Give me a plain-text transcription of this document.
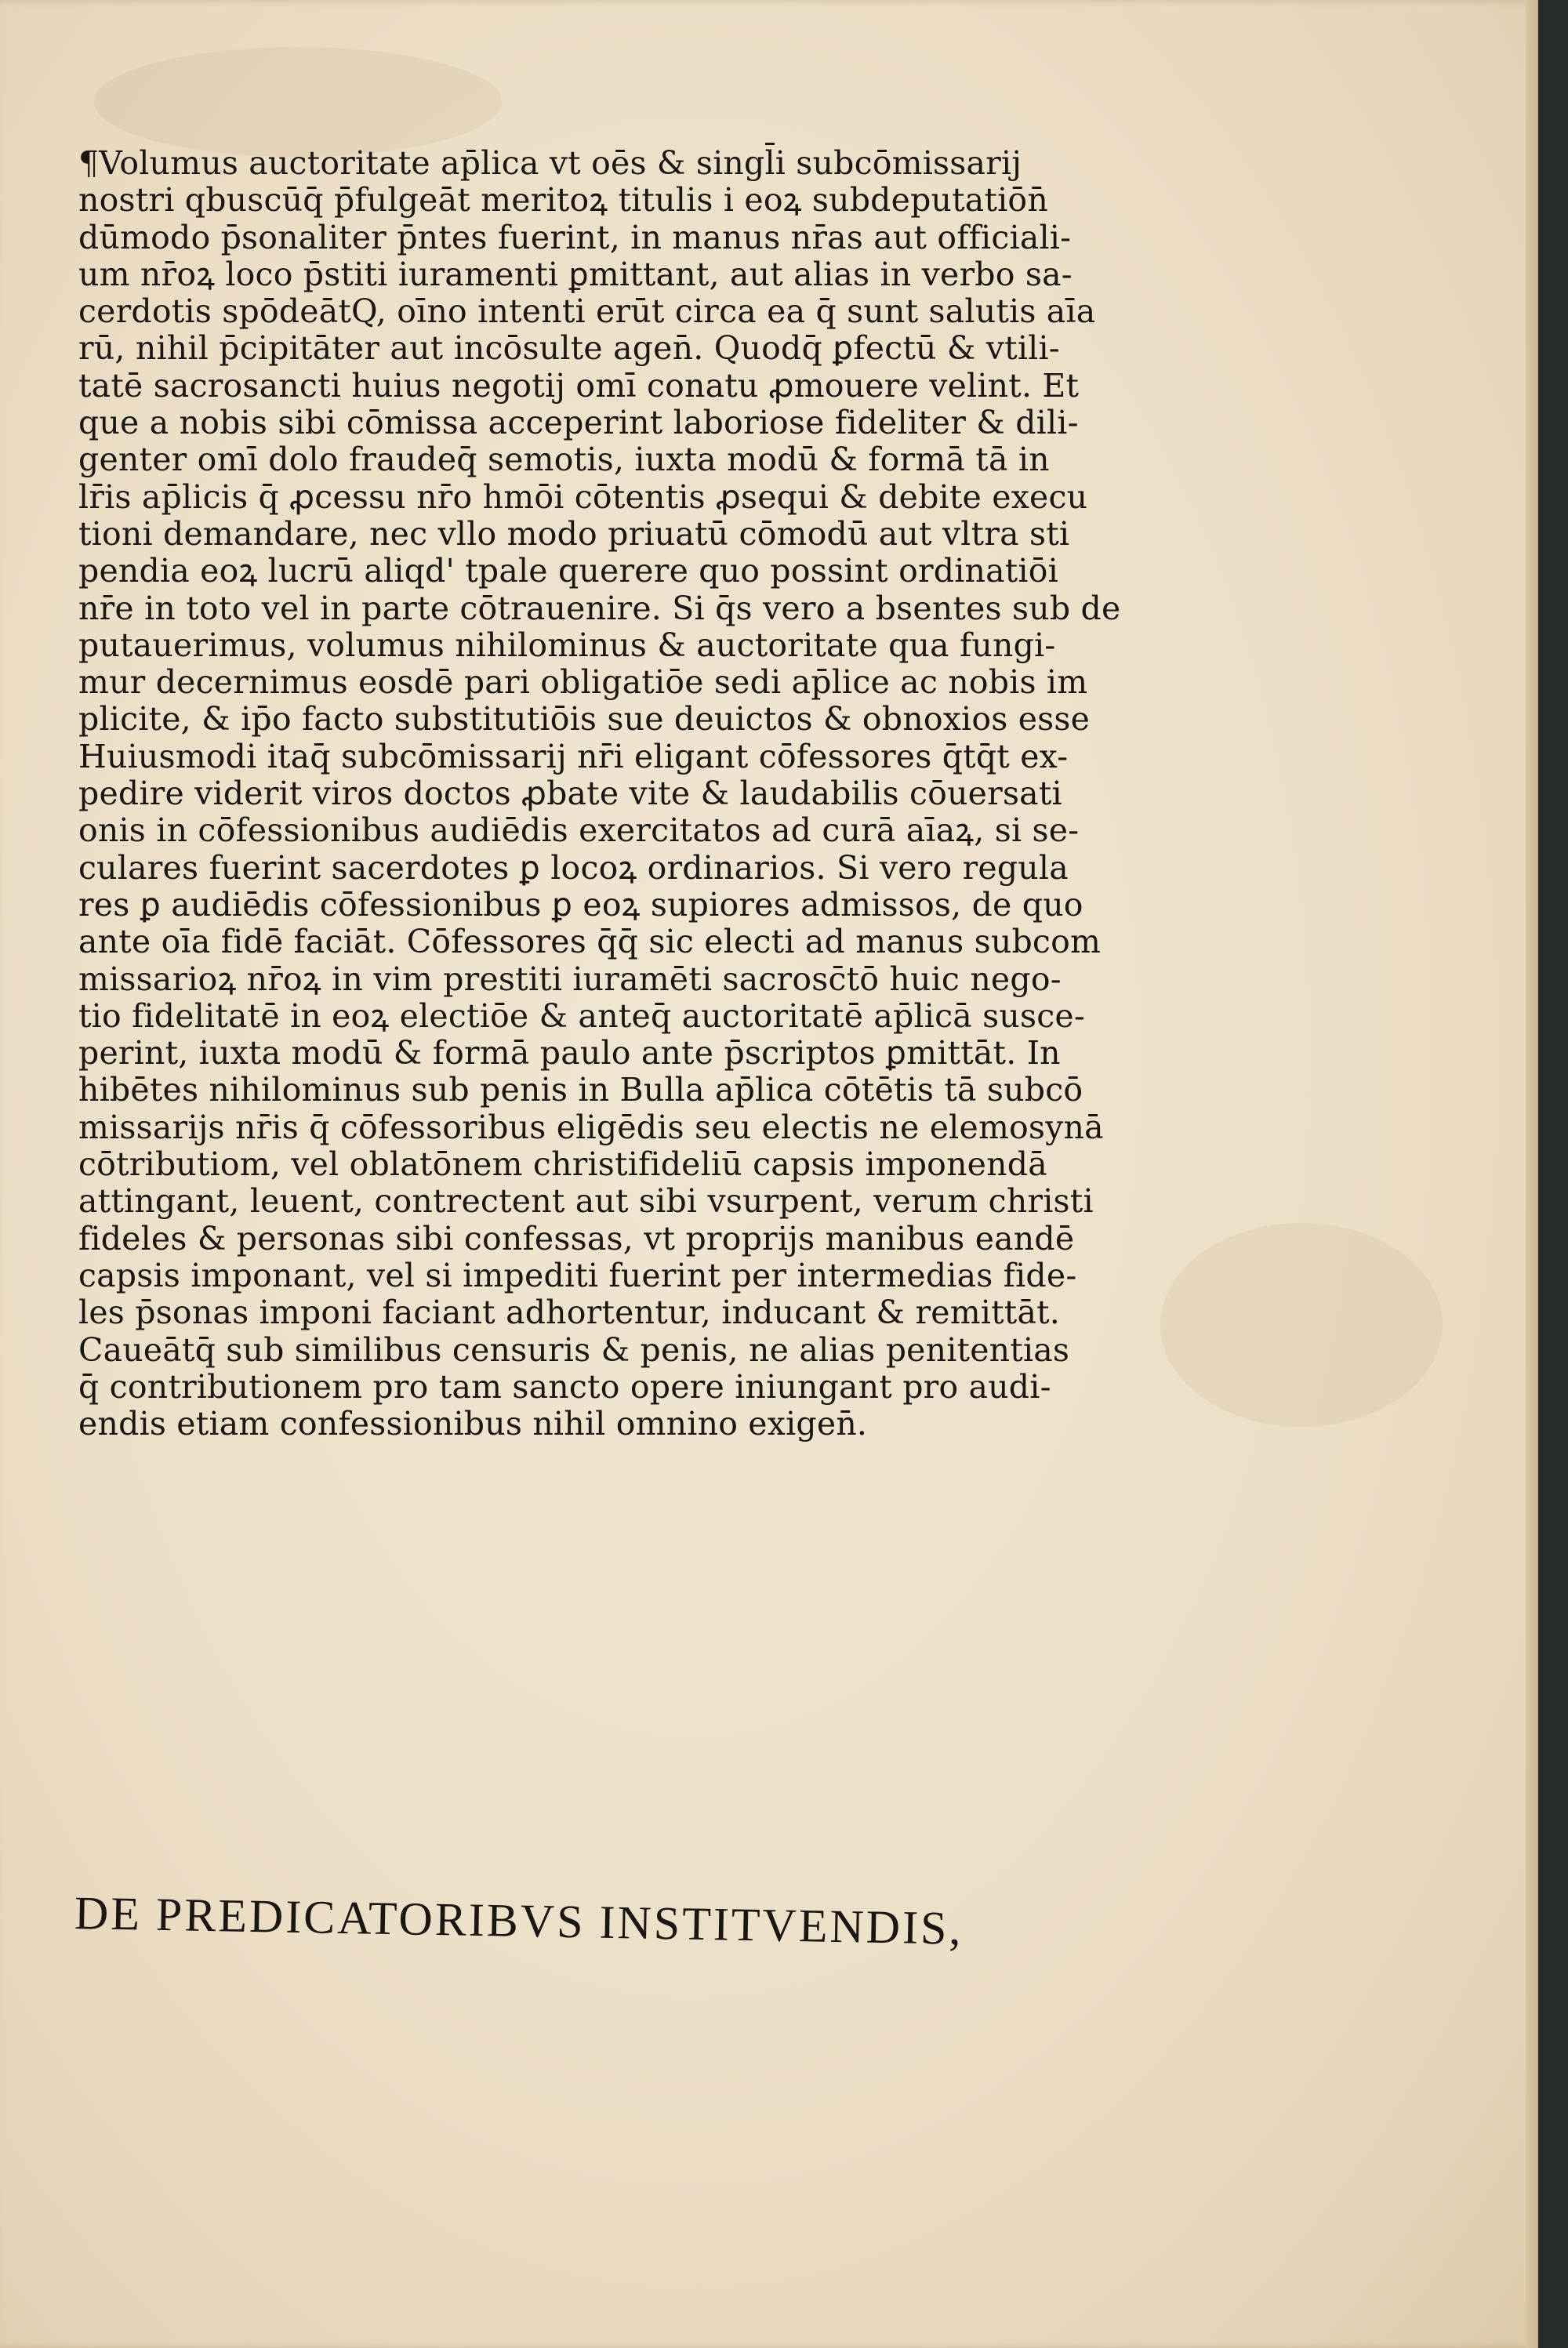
¶Volumus auctoritate ap̄lica vt oēs & singl̄i subcōmissarij
nostri qbuscūq̄ p̄fulgeāt meritoꝝ titulis i eoꝝ subdeputatiōn̄
dūmodo p̄sonaliter p̄ntes fuerint, in manus nr̄as aut officiali-
um nr̄oꝝ loco p̄stiti iuramenti ꝑmittant, aut alias in verbo sa-
cerdotis spōdeātQ, oīno intenti erūt circa ea q̄ sunt salutis aīa
rū, nihil p̄cipitāter aut incōsulte agen̄. Quodq̄ ꝑfectū & vtili-
tatē sacrosancti huius negotij omī conatu ꝓmouere velint. Et
que a nobis sibi cōmissa acceperint laboriose fideliter & dili-
genter omī dolo fraudeq̄ semotis, iuxta modū & formā tā in
lr̄is ap̄licis q̄ ꝓcessu nr̄o hmōi cōtentis ꝓsequi & debite execu
tioni demandare, nec vllo modo priuatū cōmodū aut vltra sti
pendia eoꝝ lucrū aliqd' tpale querere quo possint ordinatiōi
nr̄e in toto vel in parte cōtrauenire. Si q̄s vero a bsentes sub de
putauerimus, volumus nihilominus & auctoritate qua fungi-
mur decernimus eosdē pari obligatiōe sedi ap̄lice ac nobis im
plicite, & ip̄o facto substitutiōis sue deuictos & obnoxios esse
Huiusmodi itaq̄ subcōmissarij nr̄i eligant cōfessores q̄tq̄t ex-
pedire viderit viros doctos ꝓbate vite & laudabilis cōuersati
onis in cōfessionibus audiēdis exercitatos ad curā aīaꝝ, si se-
culares fuerint sacerdotes ꝑ locoꝝ ordinarios. Si vero regula
res ꝑ audiēdis cōfessionibus ꝑ eoꝝ supiores admissos, de quo
ante oīa fidē faciāt. Cōfessores q̄q̄ sic electi ad manus subcom
missarioꝝ nr̄oꝝ in vim prestiti iuramēti sacrosc̄tō huic nego-
tio fidelitatē in eoꝝ electiōe & anteq̄ auctoritatē ap̄licā susce-
perint, iuxta modū & formā paulo ante p̄scriptos ꝑmittāt. In
hibētes nihilominus sub penis in Bulla ap̄lica cōtētis tā subcō
missarijs nr̄is q̄ cōfessoribus eligēdis seu electis ne elemosynā
cōtributiom, vel oblatōnem christifideliū capsis imponendā
attingant, leuent, contrectent aut sibi vsurpent, verum christi
fideles & personas sibi confessas, vt proprijs manibus eandē
capsis imponant, vel si impediti fuerint per intermedias fide-
les p̄sonas imponi faciant adhortentur, inducant & remittāt.
Caueātq̄ sub similibus censuris & penis, ne alias penitentias
q̄ contributionem pro tam sancto opere iniungant pro audi-
endis etiam confessionibus nihil omnino exigen̄.
DE PREDICATORIBVS INSTITVENDIS,
